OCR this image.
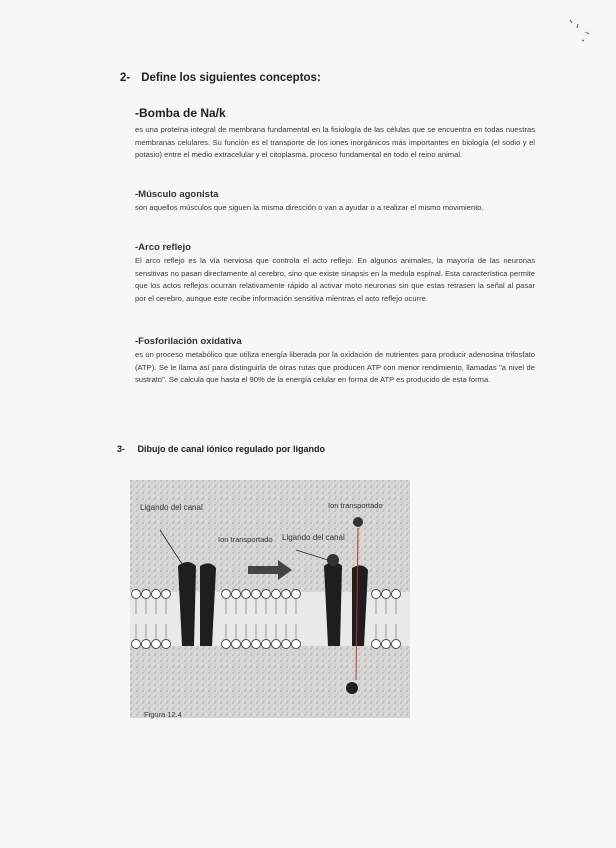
2- Define los siguientes conceptos:

-Bomba de Na/k

es una proteína integral de membrana fundamental en la fisiología de las células que se encuentra en todas nuestras membranas celulares. Su función es el transporte de los iones inorgánicos más importantes en biología (el sodio y el potasio) entre el medio extracelular y el citoplasma, proceso fundamental en todo el reino animal.

-Músculo agonista

son aquellos músculos que siguen la misma dirección o van a ayudar o a realizar el mismo movimiento.

-Arco reflejo

El arco reflejo es la vía nerviosa que controla el acto reflejo. En algunos animales, la mayoría de las neuronas sensitivas no pasan directamente al cerebro, sino que existe sinapsis en la medula espinal. Esta característica permite que los actos reflejos ocurran relativamente rápido al activar moto neuronas sin que estas retrasen la señal al pasar por el cerebro, aunque este recibe información sensitiva mientras el acto reflejo ocurre.

-Fosforilación oxidativa

es un proceso metabólico que utiliza energía liberada por la oxidación de nutrientes para producir adenosina trifosfato (ATP). Se le llama así para distinguirla de otras rutas que producen ATP con menor rendimiento, llamadas "a nivel de sustrato". Se calcula que hasta el 90% de la energía celular en forma de ATP es producido de esta forma.

3- Dibujo de canal iónico regulado por ligando
Ligando del canal
Ion transportado Ligando del canal
Ion transportado
Figura 12.4
